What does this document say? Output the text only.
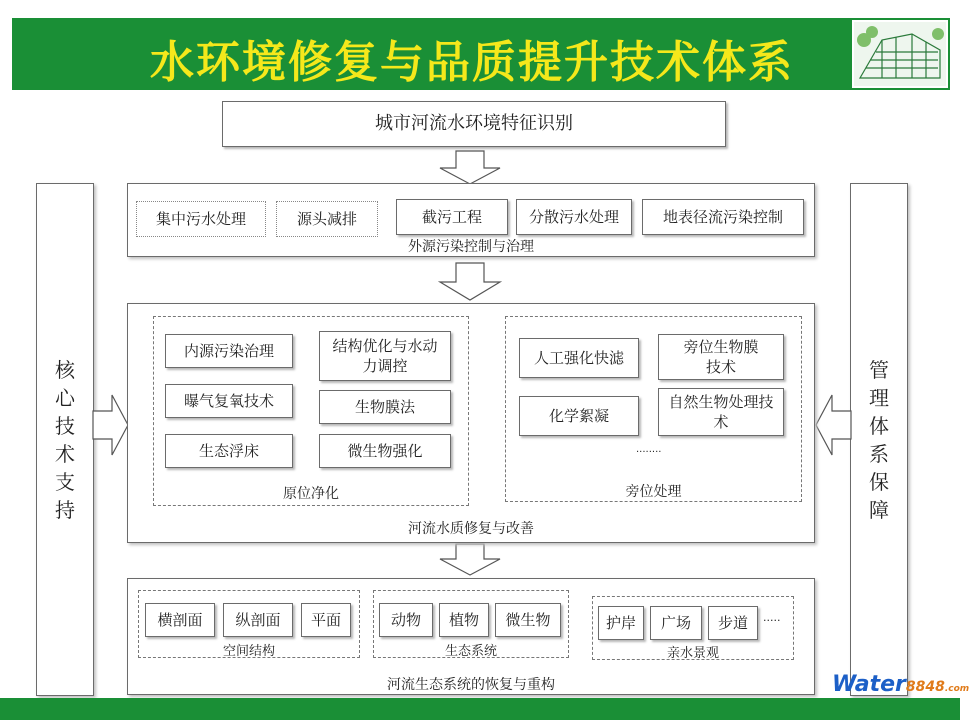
水环境修复与品质提升技术体系
城市河流水环境特征识别
核
心
技
术
支
持
管
理
体
系
保
障
集中污水处理	源头减排	截污工程	分散污水处理	地表径流污染控制
外源污染控制与治理
内源污染治理	结构优化与水动力调控
曝气复氧技术	生物膜法
生态浮床	微生物强化
原位净化
人工强化快滤
旁位生物膜技术
化学絮凝
自然生物处理技术
........
旁位处理
河流水质修复与改善
横剖面	纵剖面	平面
空间结构
动物	植物	微生物
生态系统
护岸	广场	步道	.....
亲水景观
河流生态系统的恢复与重构	Water8848.com
